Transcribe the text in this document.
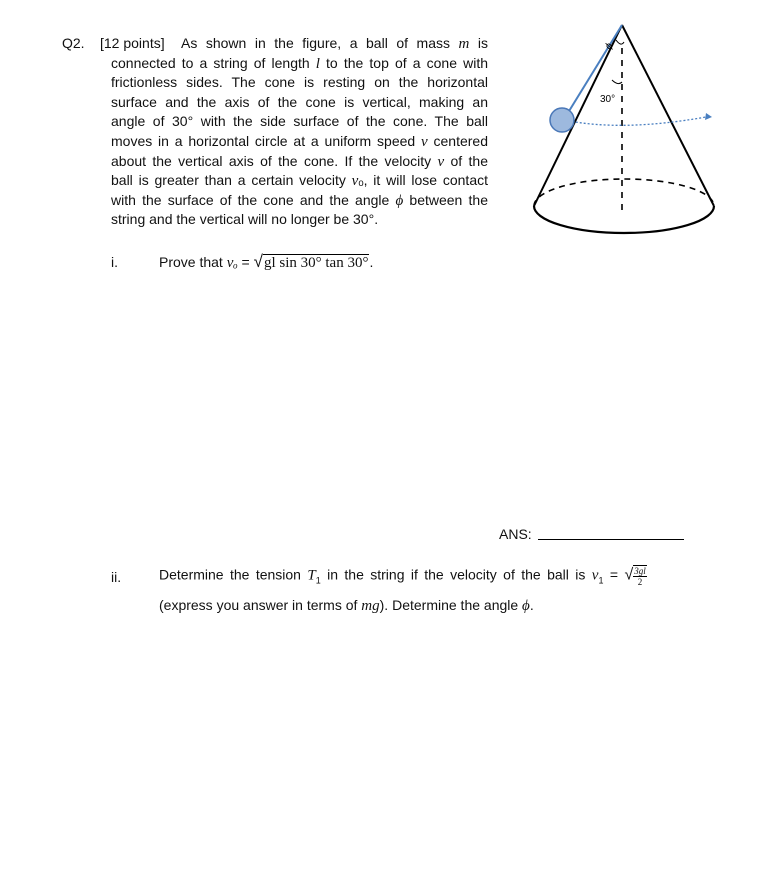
Q2. [12 points] As shown in the figure, a ball of mass m is
connected to a string of length l to the top of a cone with
frictionless sides. The cone is resting on the horizontal
surface and the axis of the cone is vertical, making an
angle of 30° with the side surface of the cone. The ball
moves in a horizontal circle at a uniform speed v centered
about the vertical axis of the cone. If the velocity v of the
ball is greater than a certain velocity vₒ, it will lose contact
with the surface of the cone and the angle ϕ between the
string and the vertical will no longer be 30°.
ϕ
30°
i.	Prove that vₒ = √gl sin 30° tan 30°.
ANS:
ii.	Determine the tension $T_1$ in the string if the velocity of the ball is $v_1$ = √ $\frac{3gl}{2}$
(express you answer in terms of mg). Determine the angle ϕ.
